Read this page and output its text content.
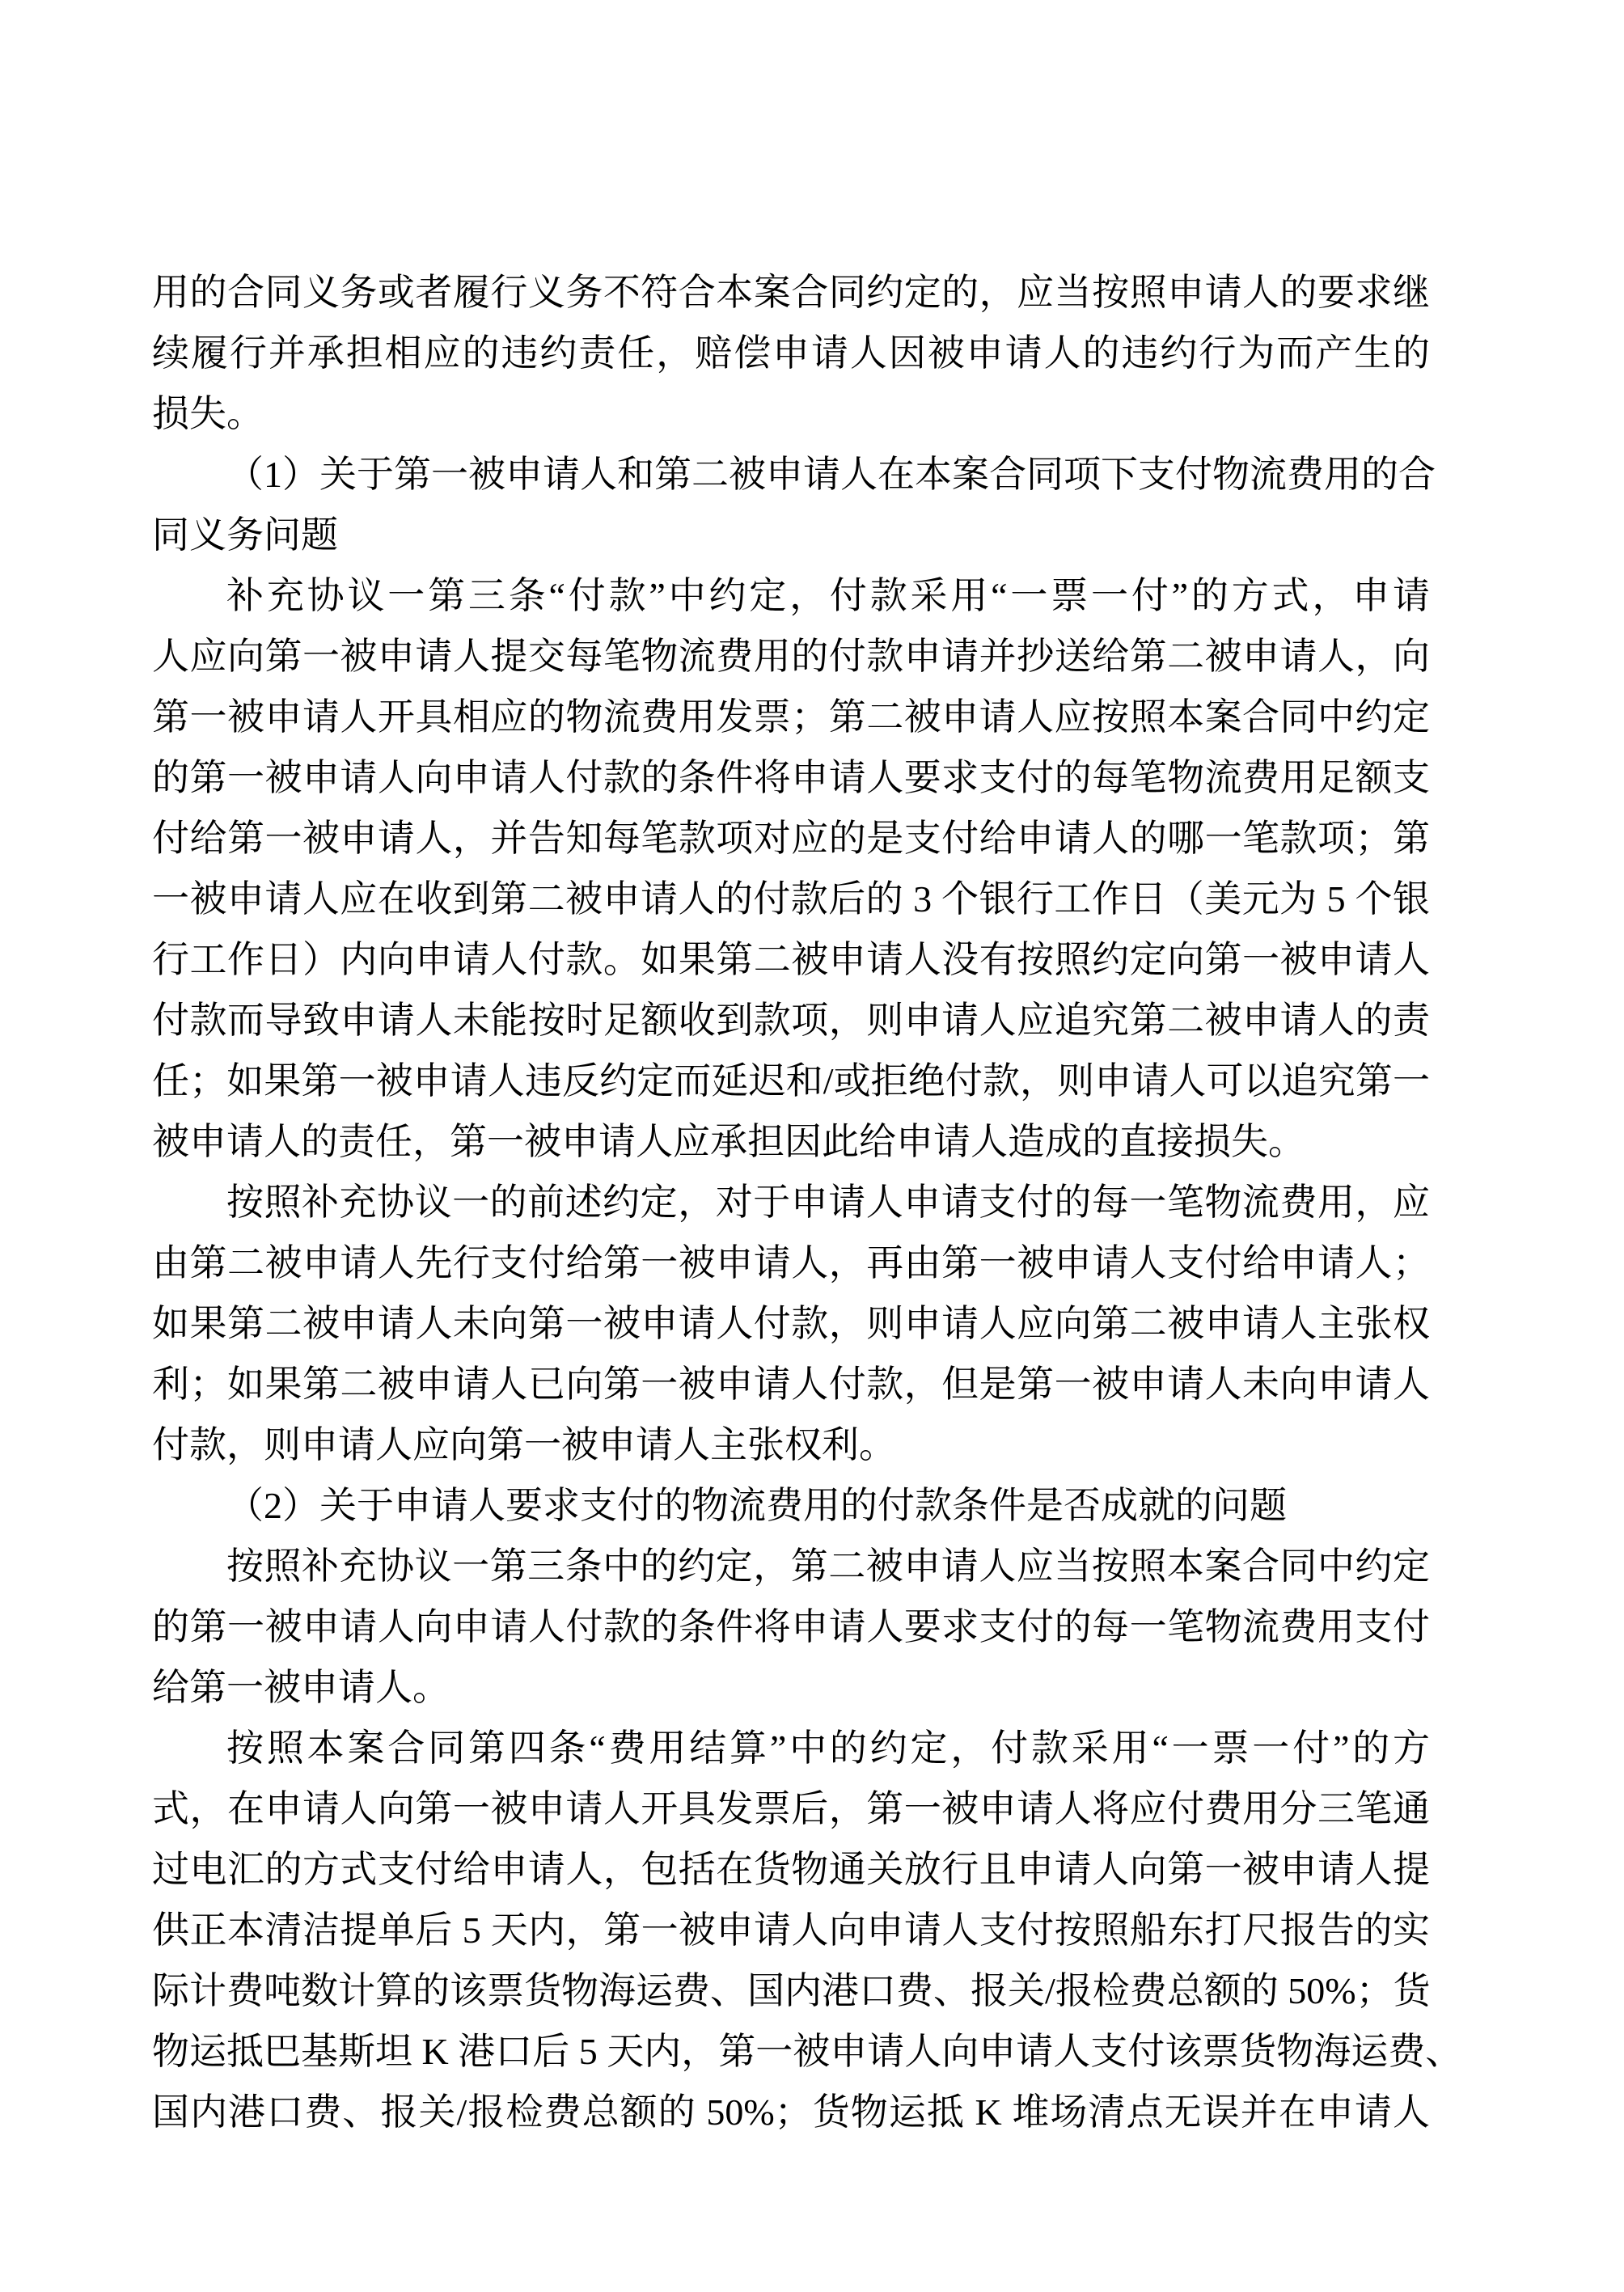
用的合同义务或者履行义务不符合本案合同约定的，应当按照申请人的要求继
续履行并承担相应的违约责任，赔偿申请人因被申请人的违约行为而产生的
损失。
（1）关于第一被申请人和第二被申请人在本案合同项下支付物流费用的合
同义务问题
补充协议一第三条“付款”中约定，付款采用“一票一付”的方式，申请
人应向第一被申请人提交每笔物流费用的付款申请并抄送给第二被申请人，向
第一被申请人开具相应的物流费用发票；第二被申请人应按照本案合同中约定
的第一被申请人向申请人付款的条件将申请人要求支付的每笔物流费用足额支
付给第一被申请人，并告知每笔款项对应的是支付给申请人的哪一笔款项；第
一被申请人应在收到第二被申请人的付款后的 3 个银行工作日（美元为 5 个银
行工作日）内向申请人付款。如果第二被申请人没有按照约定向第一被申请人
付款而导致申请人未能按时足额收到款项，则申请人应追究第二被申请人的责
任；如果第一被申请人违反约定而延迟和/或拒绝付款，则申请人可以追究第一
被申请人的责任，第一被申请人应承担因此给申请人造成的直接损失。
按照补充协议一的前述约定，对于申请人申请支付的每一笔物流费用，应
由第二被申请人先行支付给第一被申请人，再由第一被申请人支付给申请人；
如果第二被申请人未向第一被申请人付款，则申请人应向第二被申请人主张权
利；如果第二被申请人已向第一被申请人付款，但是第一被申请人未向申请人
付款，则申请人应向第一被申请人主张权利。
（2）关于申请人要求支付的物流费用的付款条件是否成就的问题
按照补充协议一第三条中的约定，第二被申请人应当按照本案合同中约定
的第一被申请人向申请人付款的条件将申请人要求支付的每一笔物流费用支付
给第一被申请人。
按照本案合同第四条“费用结算”中的约定，付款采用“一票一付”的方
式，在申请人向第一被申请人开具发票后，第一被申请人将应付费用分三笔通
过电汇的方式支付给申请人，包括在货物通关放行且申请人向第一被申请人提
供正本清洁提单后 5 天内，第一被申请人向申请人支付按照船东打尺报告的实
际计费吨数计算的该票货物海运费、国内港口费、报关/报检费总额的 50%；货
物运抵巴基斯坦 K 港口后 5 天内，第一被申请人向申请人支付该票货物海运费、
国内港口费、报关/报检费总额的 50%；货物运抵 K 堆场清点无误并在申请人
